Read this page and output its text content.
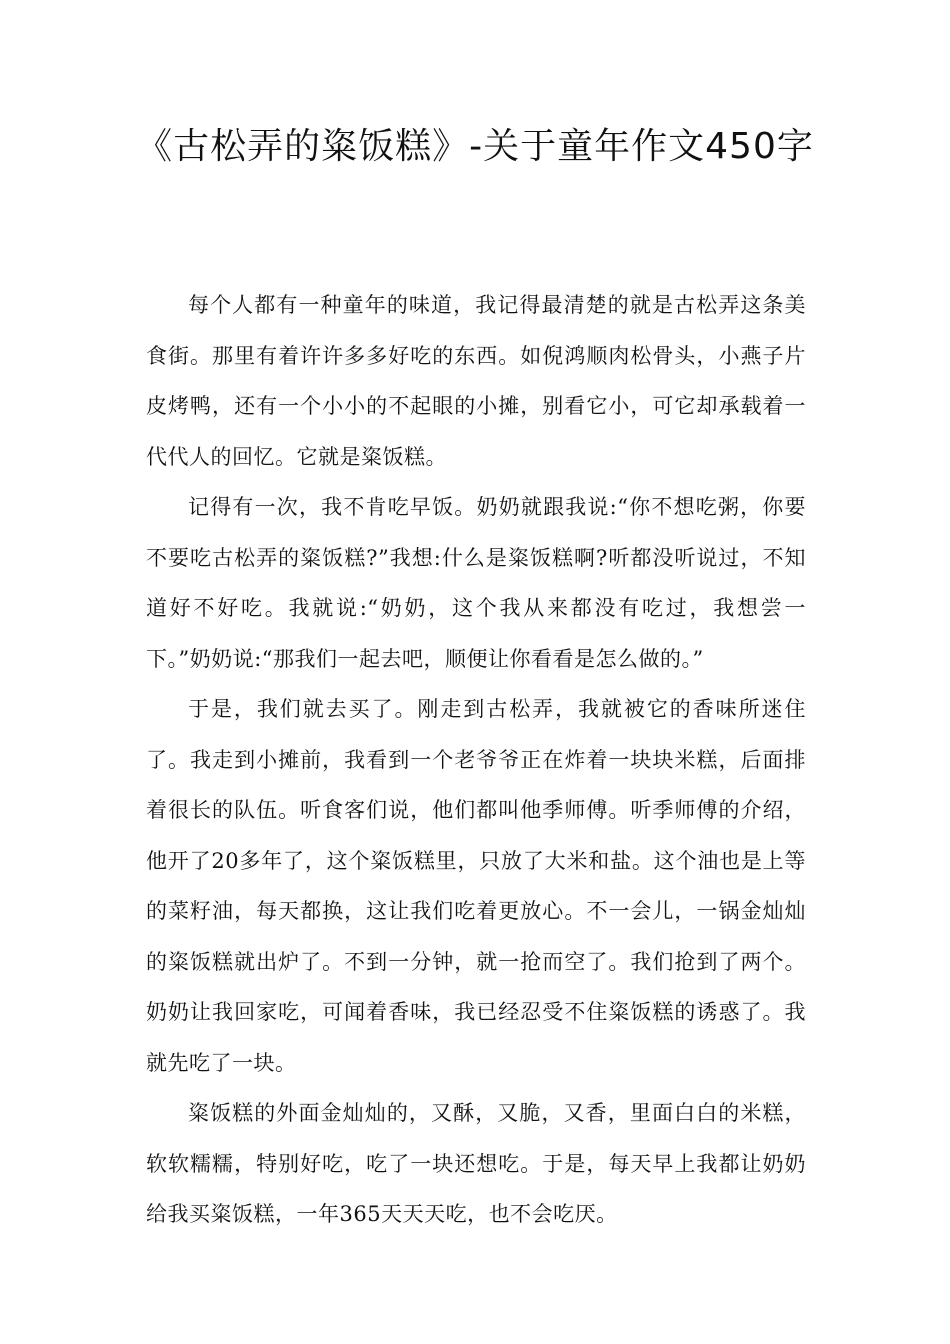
《古松弄的粢饭糕》-关于童年作文450字

每个人都有一种童年的味道，我记得最清楚的就是古松弄这条美食街。那里有着许许多多好吃的东西。如倪鸿顺肉松骨头，小燕子片皮烤鸭，还有一个小小的不起眼的小摊，别看它小，可它却承载着一代代人的回忆。它就是粢饭糕。

记得有一次，我不肯吃早饭。奶奶就跟我说:“你不想吃粥，你要不要吃古松弄的粢饭糕?”我想:什么是粢饭糕啊?听都没听说过，不知道好不好吃。我就说:“奶奶，这个我从来都没有吃过，我想尝一下。”奶奶说:“那我们一起去吧，顺便让你看看是怎么做的。”

于是，我们就去买了。刚走到古松弄，我就被它的香味所迷住了。我走到小摊前，我看到一个老爷爷正在炸着一块块米糕，后面排着很长的队伍。听食客们说，他们都叫他季师傅。听季师傅的介绍，他开了20多年了，这个粢饭糕里，只放了大米和盐。这个油也是上等的菜籽油，每天都换，这让我们吃着更放心。不一会儿，一锅金灿灿的粢饭糕就出炉了。不到一分钟，就一抢而空了。我们抢到了两个。奶奶让我回家吃，可闻着香味，我已经忍受不住粢饭糕的诱惑了。我就先吃了一块。

粢饭糕的外面金灿灿的，又酥，又脆，又香，里面白白的米糕，软软糯糯，特别好吃，吃了一块还想吃。于是，每天早上我都让奶奶给我买粢饭糕，一年365天天天吃，也不会吃厌。
